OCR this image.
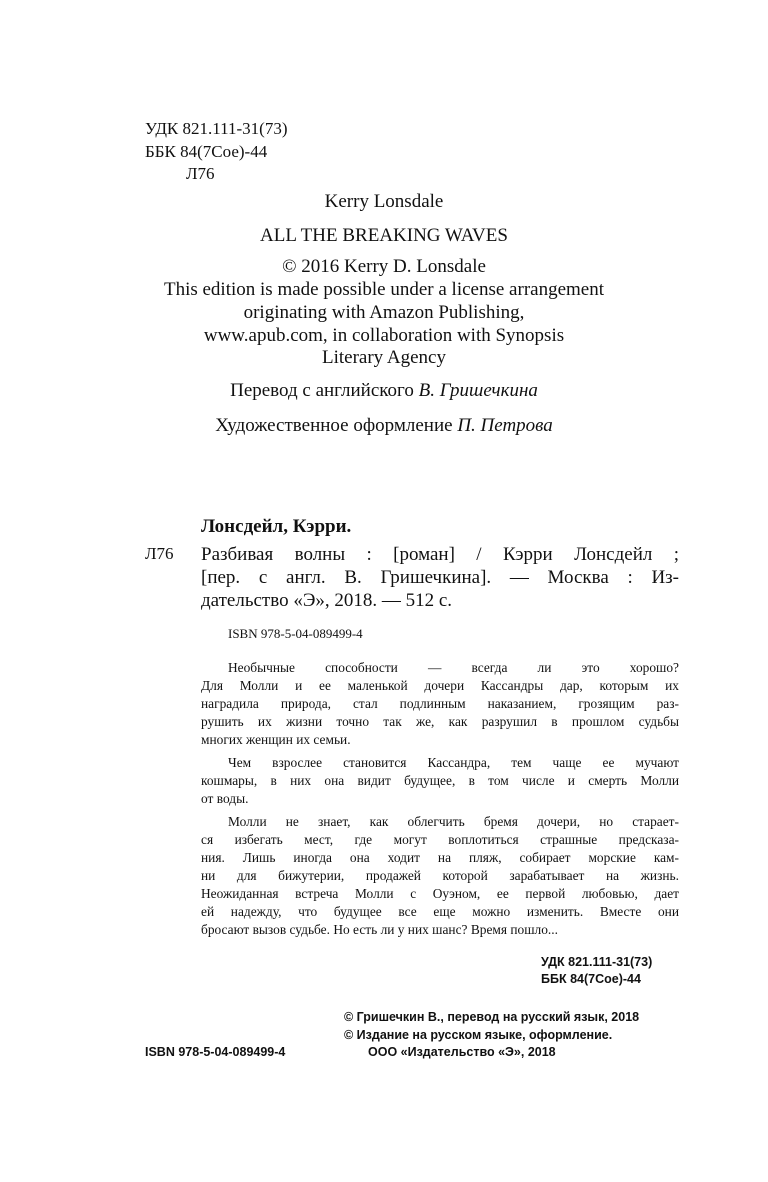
УДК 821.111-31(73)
ББК 84(7Сое)-44
Л76
Kerry Lonsdale
ALL THE BREAKING WAVES
© 2016 Kerry D. Lonsdale
This edition is made possible under a license arrangement
originating with Amazon Publishing,
www.apub.com, in collaboration with Synopsis
Literary Agency
Перевод с английского В. Гришечкина
Художественное оформление П. Петрова
Лонсдейл, Кэрри.
Л76 Разбивая волны : [роман] / Кэрри Лонсдейл ;
[пер. с англ. В. Гришечкина]. — Москва : Из-
дательство «Э», 2018. — 512 с.
ISBN 978-5-04-089499-4

Необычные способности — всегда ли это хорошо?
Для Молли и ее маленькой дочери Кассандры дар, которым их
наградила природа, стал подлинным наказанием, грозящим раз-
рушить их жизни точно так же, как разрушил в прошлом судьбы
многих женщин их семьи.

Чем взрослее становится Кассандра, тем чаще ее мучают
кошмары, в них она видит будущее, в том числе и смерть Молли
от воды.

Молли не знает, как облегчить бремя дочери, но старает-
ся избегать мест, где могут воплотиться страшные предсказа-
ния. Лишь иногда она ходит на пляж, собирает морские кам-
ни для бижутерии, продажей которой зарабатывает на жизнь.
Неожиданная встреча Молли с Оуэном, ее первой любовью, дает
ей надежду, что будущее все еще можно изменить. Вместе они
бросают вызов судьбе. Но есть ли у них шанс? Время пошло...

УДК 821.111-31(73)
ББК 84(7Сое)-44
© Гришечкин В., перевод на русский язык, 2018
© Издание на русском языке, оформление.
ООО «Издательство «Э», 2018
ISBN 978-5-04-089499-4
